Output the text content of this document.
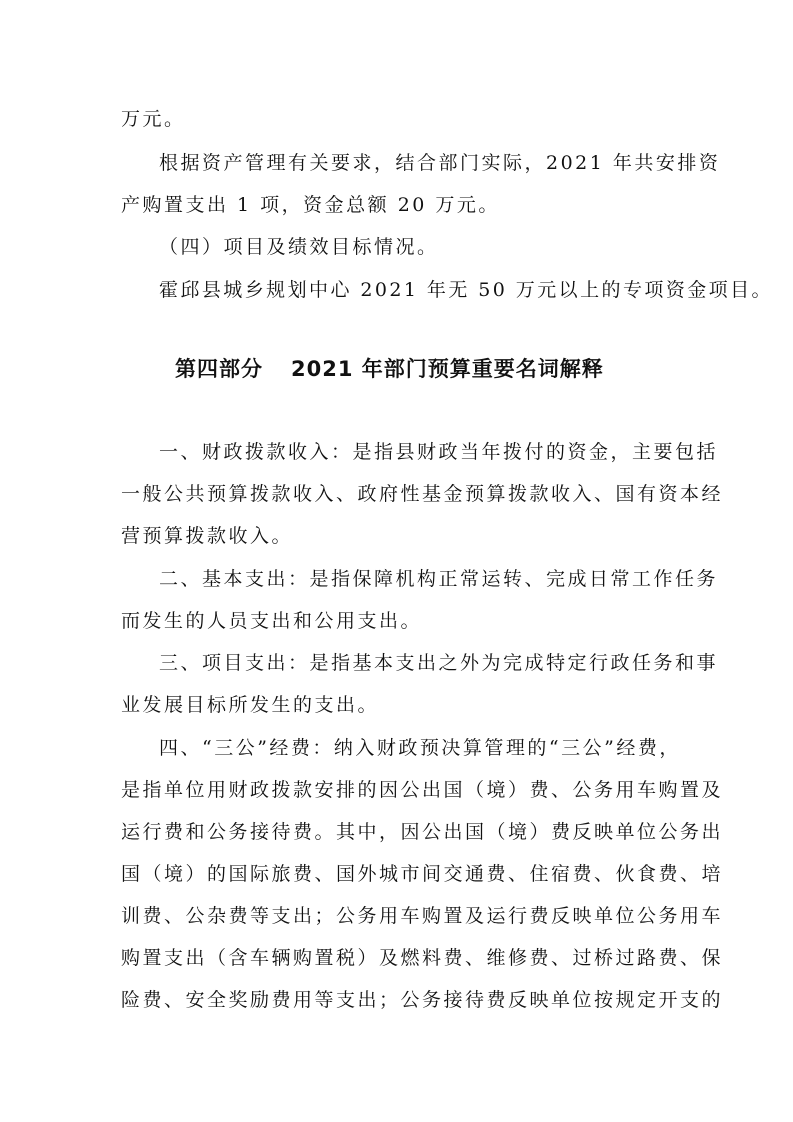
万元。
根据资产管理有关要求，结合部门实际，2021 年共安排资
产购置支出 1 项，资金总额 20 万元。
（四）项目及绩效目标情况。
霍邱县城乡规划中心 2021 年无 50 万元以上的专项资金项目。
第四部分 2021 年部门预算重要名词解释
一、财政拨款收入：是指县财政当年拨付的资金，主要包括
一般公共预算拨款收入、政府性基金预算拨款收入、国有资本经
营预算拨款收入。
二、基本支出：是指保障机构正常运转、完成日常工作任务
而发生的人员支出和公用支出。
三、项目支出：是指基本支出之外为完成特定行政任务和事
业发展目标所发生的支出。
四、“三公”经费：纳入财政预决算管理的“三公”经费，
是指单位用财政拨款安排的因公出国（境）费、公务用车购置及
运行费和公务接待费。其中，因公出国（境）费反映单位公务出
国（境）的国际旅费、国外城市间交通费、住宿费、伙食费、培
训费、公杂费等支出；公务用车购置及运行费反映单位公务用车
购置支出（含车辆购置税）及燃料费、维修费、过桥过路费、保
险费、安全奖励费用等支出；公务接待费反映单位按规定开支的
